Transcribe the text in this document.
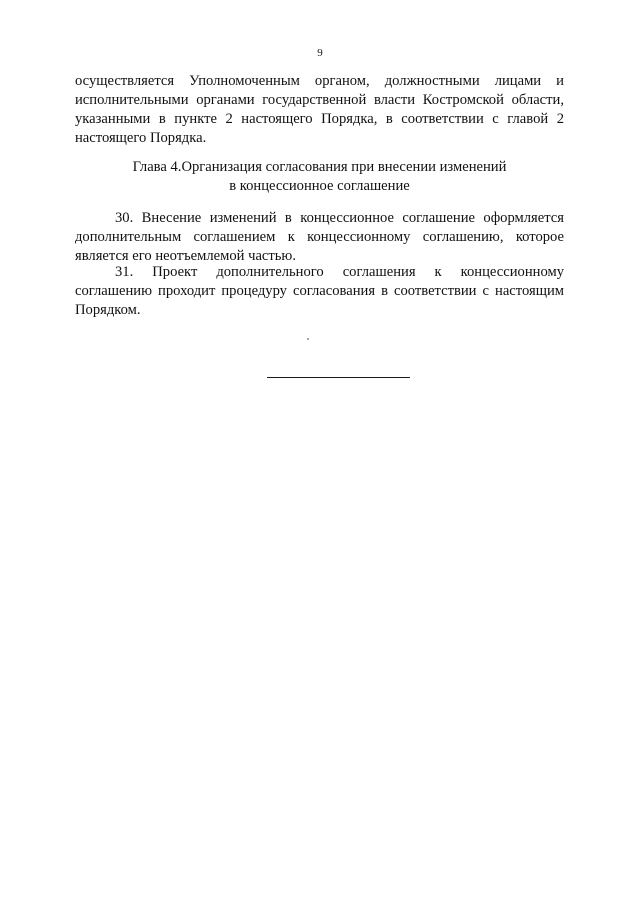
9

осуществляется Уполномоченным органом, должностными лицами и исполнительными органами государственной власти Костромской области, указанными в пункте 2 настоящего Порядка, в соответствии с главой 2 настоящего Порядка.

Глава 4.Организация согласования при внесении изменений
в концессионное соглашение

30. Внесение изменений в концессионное соглашение оформляется дополнительным соглашением к концессионному соглашению, которое является его неотъемлемой частью.

31. Проект дополнительного соглашения к концессионному соглашению проходит процедуру согласования в соответствии с настоящим Порядком.
